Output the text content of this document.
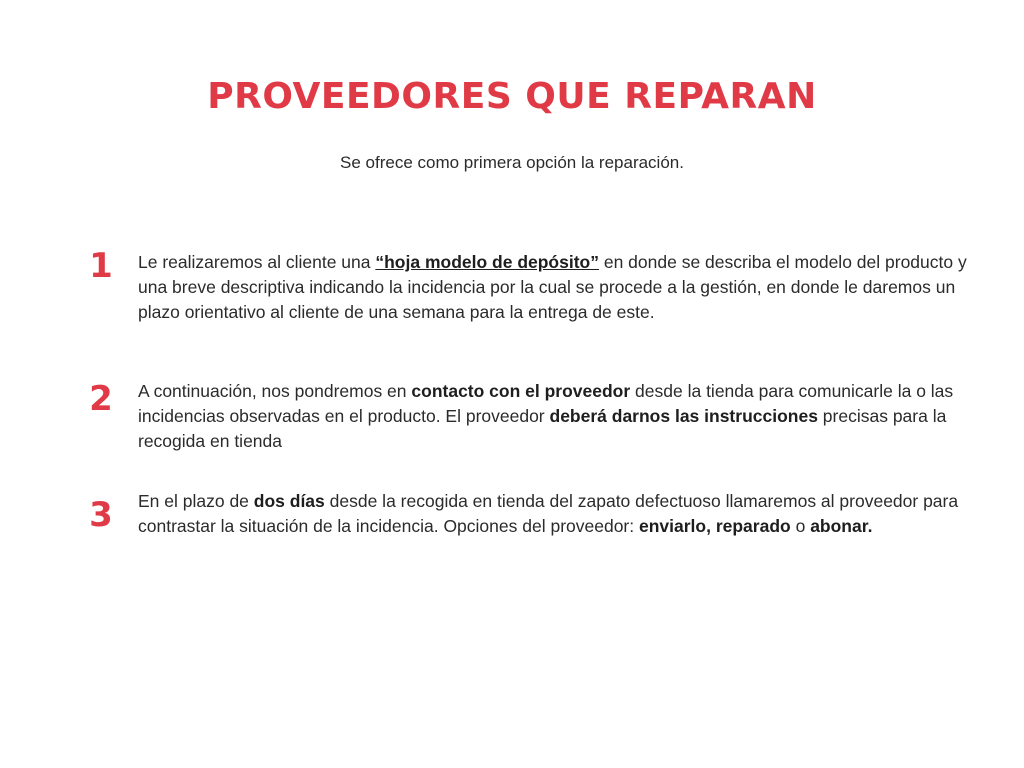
PROVEEDORES QUE REPARAN

Se ofrece como primera opción la reparación.

1 Le realizaremos al cliente una “hoja modelo de depósito” en donde se describa el modelo del producto y una breve descriptiva indicando la incidencia por la cual se procede a la gestión, en donde le daremos un plazo orientativo al cliente de una semana para la entrega de este.

2 A continuación, nos pondremos en contacto con el proveedor desde la tienda para comunicarle la o las incidencias observadas en el producto. El proveedor deberá darnos las instrucciones precisas para la recogida en tienda

3 En el plazo de dos días desde la recogida en tienda del zapato defectuoso llamaremos al proveedor para contrastar la situación de la incidencia. Opciones del proveedor: enviarlo, reparado o abonar.
